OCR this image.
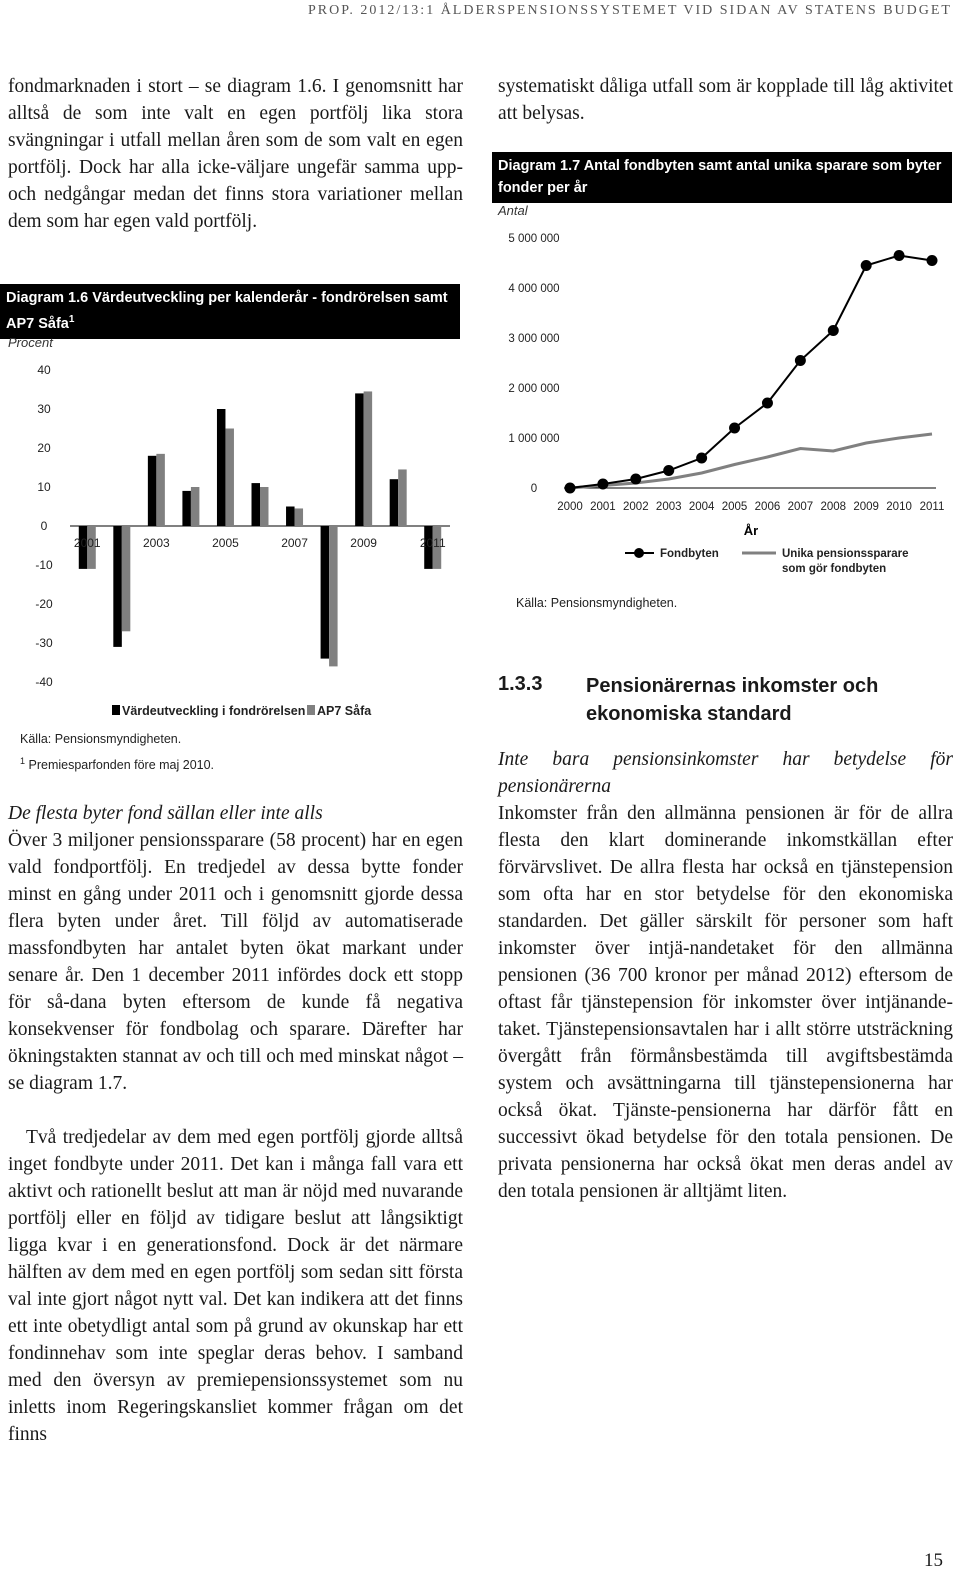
PROP. 2012/13:1 ÅLDERSPENSIONSSYSTEMET VID SIDAN AV STATENS BUDGET

fondmarknaden i stort – se diagram 1.6. I genomsnitt har alltså de som inte valt en egen portfölj lika stora svängningar i utfall mellan åren som de som valt en egen portfölj. Dock har alla icke-väljare ungefär samma upp- och nedgångar medan det finns stora variationer mellan dem som har egen vald portfölj.

Diagram 1.6 Värdeutveckling per kalenderår - fondrörelsen samt AP7 Såfa$^1$
Procent
40
30
20
10
0
-10
-20
-30
-40
2001	2003	2005	2007	2009	2011
Värdeutveckling i fondrörelsen AP7 Såfa
Källa: Pensionsmyndigheten.
$^1$ Premiesparfonden före maj 2010.

De flesta byter fond sällan eller inte alls

Över 3 miljoner pensionssparare (58 procent) har en egen vald fondportfölj. En tredjedel av dessa bytte fonder minst en gång under 2011 och i genomsnitt gjorde dessa flera byten under året. Till följd av automatiserade massfondbyten har antalet byten ökat markant under senare år. Den 1 december 2011 infördes dock ett stopp för så-dana byten eftersom de kunde få negativa konsekvenser för fondbolag och sparare. Därefter har ökningstakten stannat av och till och med minskat något – se diagram 1.7.

Två tredjedelar av dem med egen portfölj gjorde alltså inget fondbyte under 2011. Det kan i många fall vara ett aktivt och rationellt beslut att man är nöjd med nuvarande portfölj eller en följd av tidigare beslut att långsiktigt ligga kvar i en generationsfond. Dock är det närmare hälften av dem med en egen portfölj som sedan sitt första val inte gjort något nytt val. Det kan indikera att det finns ett inte obetydligt antal som på grund av okunskap har ett fondinnehav som inte speglar deras behov. I samband med den översyn av premiepensionssystemet som nu inletts inom Regeringskansliet kommer frågan om det finns

systematiskt dåliga utfall som är kopplade till låg aktivitet att belysas.

Diagram 1.7 Antal fondbyten samt antal unika sparare som byter fonder per år
Antal
5 000 000
4 000 000
3 000 000
2 000 000
1 000 000
0
2000 2001 2002 2003 2004 2005 2006 2007 2008 2009 2010 2011
År
Fondbyten	Unika pensionssparare som gör fondbyten
Källa: Pensionsmyndigheten.
1.3.3 Pensionärernas inkomster och ekonomiska standard

Inte bara pensionsinkomster har betydelse för pensionärerna

Inkomster från den allmänna pensionen är för de allra flesta den klart dominerande inkomstkällan efter förvärvslivet. De allra flesta har också en tjänstepension som ofta har en stor betydelse för den ekonomiska standarden. Det gäller särskilt för personer som haft inkomster över intjä-nandetaket för den allmänna pensionen (36 700 kronor per månad 2012) eftersom de oftast får tjänstepension för inkomster över intjänande-taket. Tjänstepensionsavtalen har i allt större utsträckning övergått från förmånsbestämda till avgiftsbestämda system och avsättningarna till tjänstepensionerna har också ökat. Tjänste-pensionerna har därför fått en successivt ökad betydelse för den totala pensionen. De privata pensionerna har också ökat men deras andel av den totala pensionen är alltjämt liten.

15
